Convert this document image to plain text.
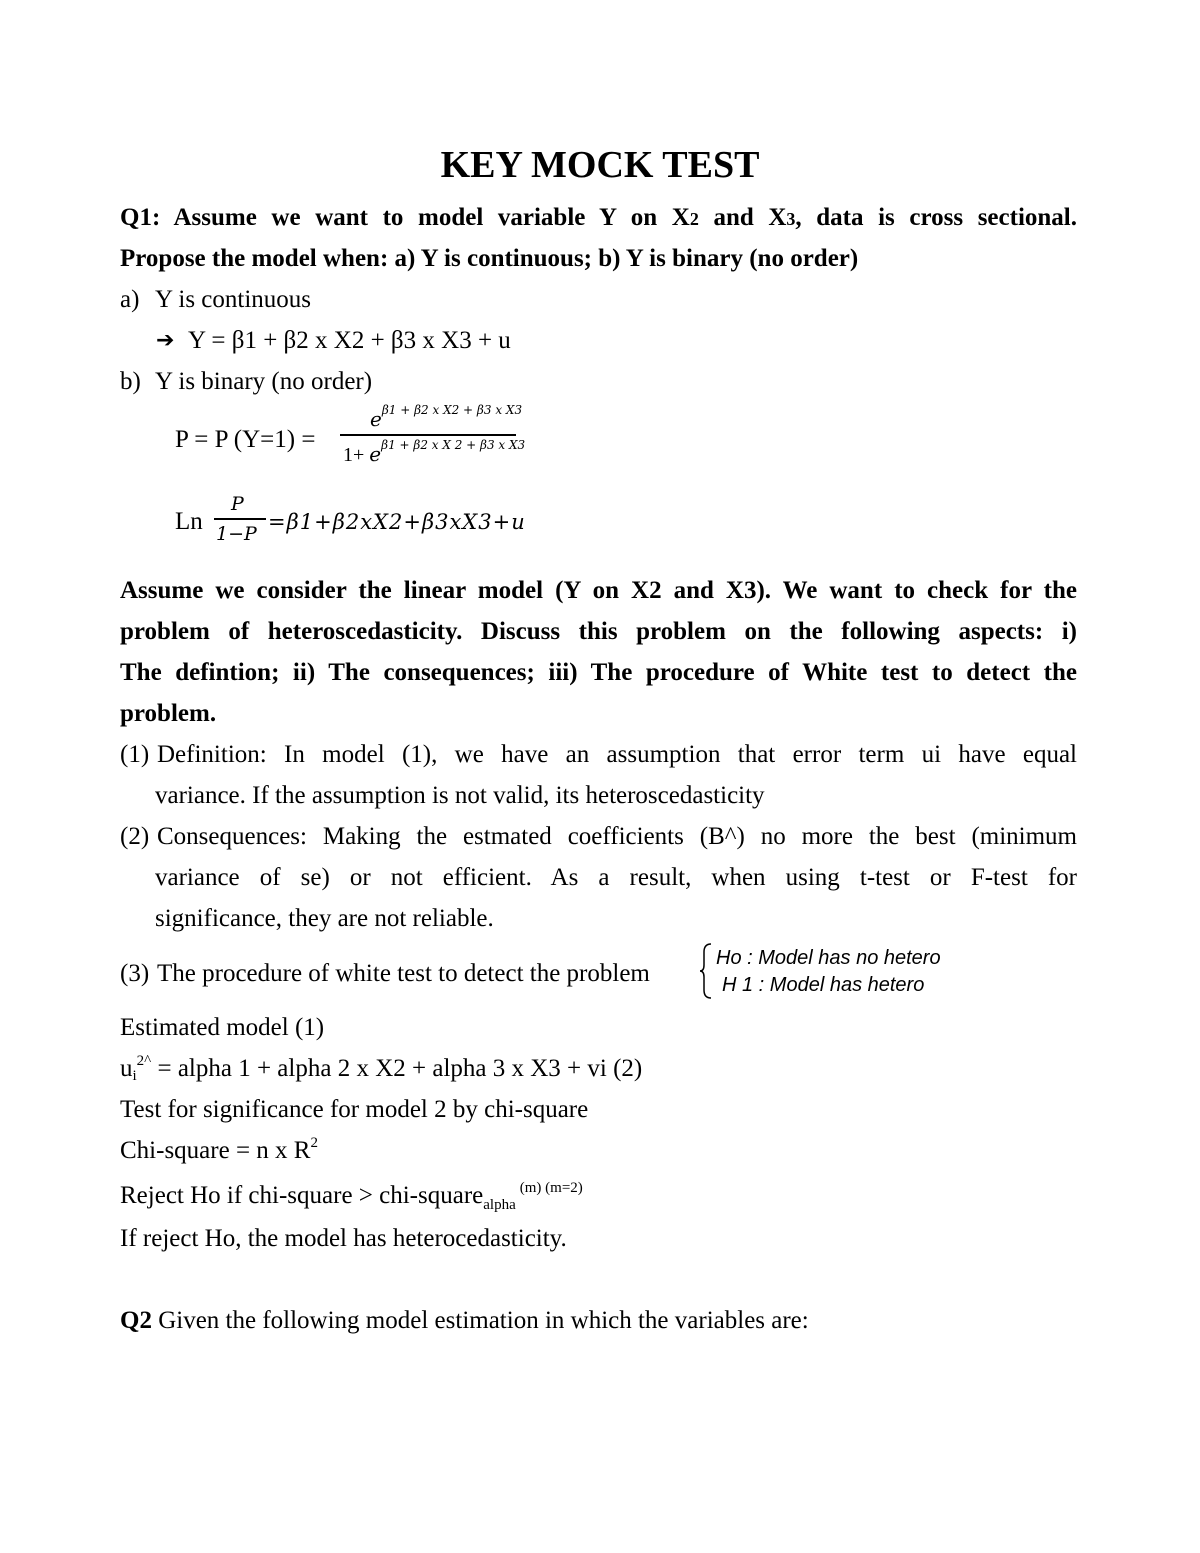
KEY MOCK TEST
Q1: Assume we want to model variable Y on X2 and X3, data is cross sectional.
Propose the model when: a) Y is continuous; b) Y is binary (no order)
a) Y is continuous
➔ Y = β1 + β2 x X2 + β3 x X3 + u
b) Y is binary (no order)
P = P (Y=1) =
$e^{\beta 1 + \beta 2 x X2 + \beta 3 x X3}$
$1+ e^{\beta 1 + \beta 2 x X 2 + \beta 3 x X3}$
Ln
P
1−P =β1+β2xX2+β3xX3+u
Assume we consider the linear model (Y on X2 and X3). We want to check for the
problem of heteroscedasticity. Discuss this problem on the following aspects: i)
The defintion; ii) The consequences; iii) The procedure of White test to detect the
problem.
(1) Definition: In model (1), we have an assumption that error term ui have equal
variance. If the assumption is not valid, its heteroscedasticity
(2) Consequences: Making the estmated coefficients (B^) no more the best (minimum
variance of se) or not efficient. As a result, when using t-test or F-test for
significance, they are not reliable.
(3) The procedure of white test to detect the problem
Ho : Model has no hetero
H 1 : Model has hetero
Estimated model (1)
$ui^{2\^{}}$ = alpha 1 + alpha 2 x X2 + alpha 3 x X3 + vi (2)
Test for significance for model 2 by chi-square
Chi-square = n x $R^2$
Reject Ho if chi-square > chi-square$_{alpha}^{(m) (m=2)}$
If reject Ho, the model has heterocedasticity.
Q2 Given the following model estimation in which the variables are:
